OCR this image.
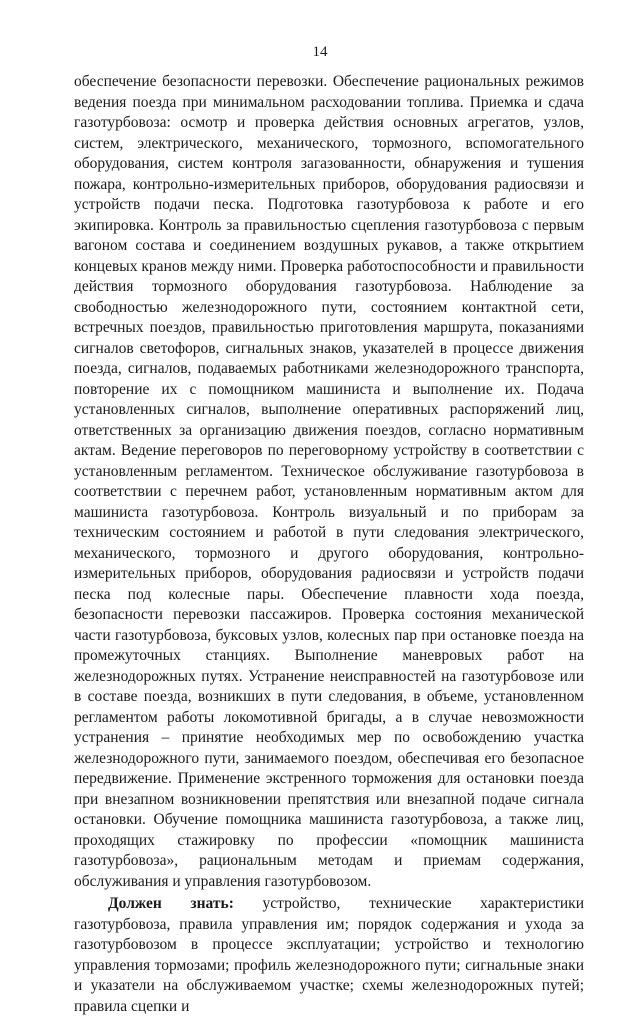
14

обеспечение безопасности перевозки. Обеспечение рациональных режимов ведения поезда при минимальном расходовании топлива. Приемка и сдача газотурбовоза: осмотр и проверка действия основных агрегатов, узлов, систем, электрического, механического, тормозного, вспомогательного оборудования, систем контроля загазованности, обнаружения и тушения пожара, контрольно-измерительных приборов, оборудования радиосвязи и устройств подачи песка. Подготовка газотурбовоза к работе и его экипировка. Контроль за правильностью сцепления газотурбовоза с первым вагоном состава и соединением воздушных рукавов, а также открытием концевых кранов между ними. Проверка работоспособности и правильности действия тормозного оборудования газотурбовоза. Наблюдение за свободностью железнодорожного пути, состоянием контактной сети, встречных поездов, правильностью приготовления маршрута, показаниями сигналов светофоров, сигнальных знаков, указателей в процессе движения поезда, сигналов, подаваемых работниками железнодорожного транспорта, повторение их с помощником машиниста и выполнение их. Подача установленных сигналов, выполнение оперативных распоряжений лиц, ответственных за организацию движения поездов, согласно нормативным актам. Ведение переговоров по переговорному устройству в соответствии с установленным регламентом. Техническое обслуживание газотурбовоза в соответствии с перечнем работ, установленным нормативным актом для машиниста газотурбовоза. Контроль визуальный и по приборам за техническим состоянием и работой в пути следования электрического, механического, тормозного и другого оборудования, контрольно-измерительных приборов, оборудования радиосвязи и устройств подачи песка под колесные пары. Обеспечение плавности хода поезда, безопасности перевозки пассажиров. Проверка состояния механической части газотурбовоза, буксовых узлов, колесных пар при остановке поезда на промежуточных станциях. Выполнение маневровых работ на железнодорожных путях. Устранение неисправностей на газотурбовозе или в составе поезда, возникших в пути следования, в объеме, установленном регламентом работы локомотивной бригады, а в случае невозможности устранения – принятие необходимых мер по освобождению участка железнодорожного пути, занимаемого поездом, обеспечивая его безопасное передвижение. Применение экстренного торможения для остановки поезда при внезапном возникновении препятствия или внезапной подаче сигнала остановки. Обучение помощника машиниста газотурбовоза, а также лиц, проходящих стажировку по профессии «помощник машиниста газотурбовоза», рациональным методам и приемам содержания, обслуживания и управления газотурбовозом.

Должен знать: устройство, технические характеристики газотурбовоза, правила управления им; порядок содержания и ухода за газотурбовозом в процессе эксплуатации; устройство и технологию управления тормозами; профиль железнодорожного пути; сигнальные знаки и указатели на обслуживаемом участке; схемы железнодорожных путей; правила сцепки и
